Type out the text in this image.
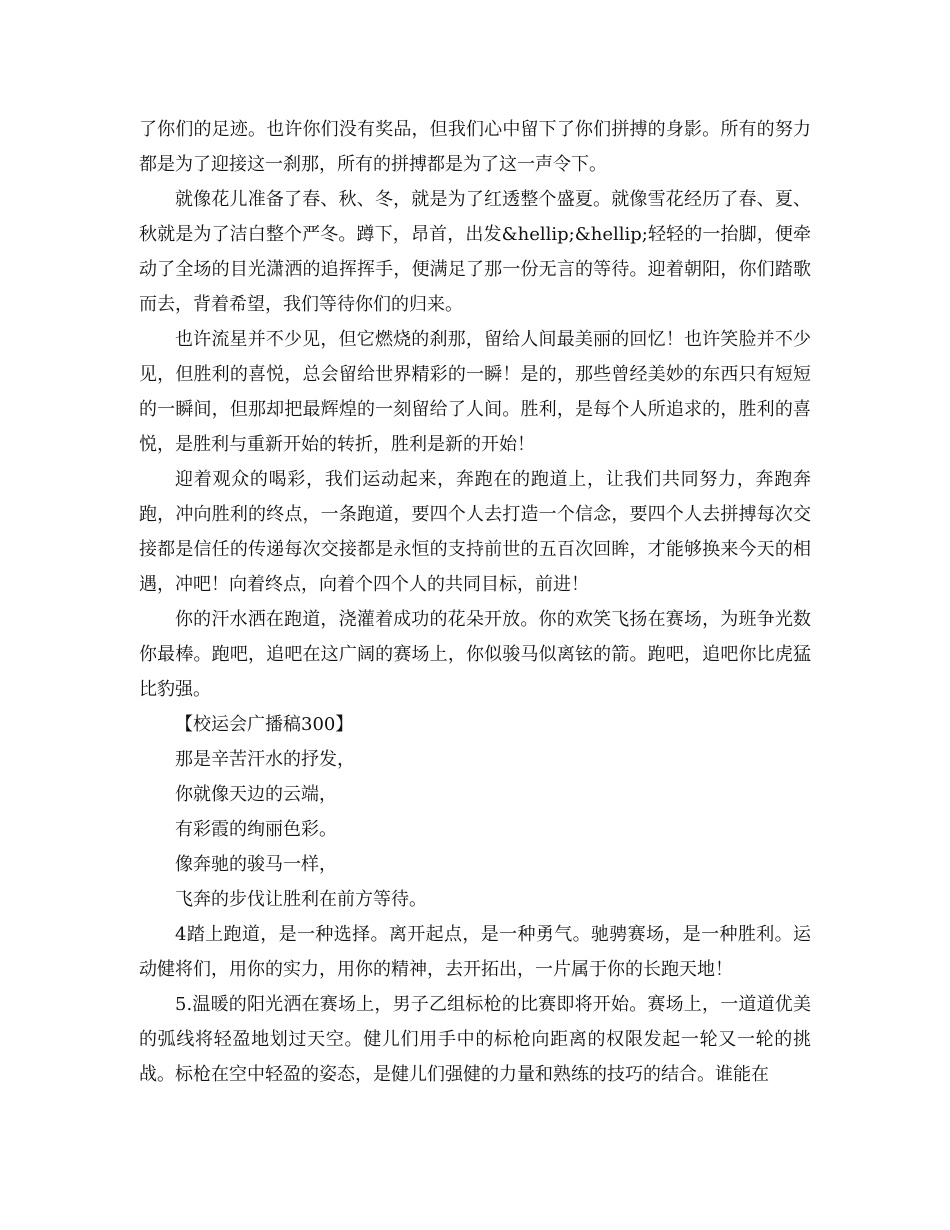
了你们的足迹。也许你们没有奖品，但我们心中留下了你们拼搏的身影。所有的努力都是为了迎接这一刹那，所有的拼搏都是为了这一声令下。

就像花儿准备了春、秋、冬，就是为了红透整个盛夏。就像雪花经历了春、夏、秋就是为了洁白整个严冬。蹲下，昂首，出发&hellip;&hellip;轻轻的一抬脚，便牵动了全场的目光潇洒的追挥挥手，便满足了那一份无言的等待。迎着朝阳，你们踏歌而去，背着希望，我们等待你们的归来。

也许流星并不少见，但它燃烧的刹那，留给人间最美丽的回忆！也许笑脸并不少见，但胜利的喜悦，总会留给世界精彩的一瞬！是的，那些曾经美妙的东西只有短短的一瞬间，但那却把最辉煌的一刻留给了人间。胜利，是每个人所追求的，胜利的喜悦，是胜利与重新开始的转折，胜利是新的开始！

迎着观众的喝彩，我们运动起来，奔跑在的跑道上，让我们共同努力，奔跑奔跑，冲向胜利的终点，一条跑道，要四个人去打造一个信念，要四个人去拼搏每次交接都是信任的传递每次交接都是永恒的支持前世的五百次回眸，才能够换来今天的相遇，冲吧！向着终点，向着个四个人的共同目标，前进！

你的汗水洒在跑道，浇灌着成功的花朵开放。你的欢笑飞扬在赛场，为班争光数你最棒。跑吧，追吧在这广阔的赛场上，你似骏马似离铉的箭。跑吧，追吧你比虎猛比豹强。

【校运会广播稿300】

那是辛苦汗水的抒发，

你就像天边的云端，

有彩霞的绚丽色彩。

像奔驰的骏马一样，

飞奔的步伐让胜利在前方等待。

4踏上跑道，是一种选择。离开起点，是一种勇气。驰骋赛场，是一种胜利。运动健将们，用你的实力，用你的精神，去开拓出，一片属于你的长跑天地！

5.温暖的阳光洒在赛场上，男子乙组标枪的比赛即将开始。赛场上，一道道优美的弧线将轻盈地划过天空。健儿们用手中的标枪向距离的权限发起一轮又一轮的挑战。标枪在空中轻盈的姿态，是健儿们强健的力量和熟练的技巧的结合。谁能在
